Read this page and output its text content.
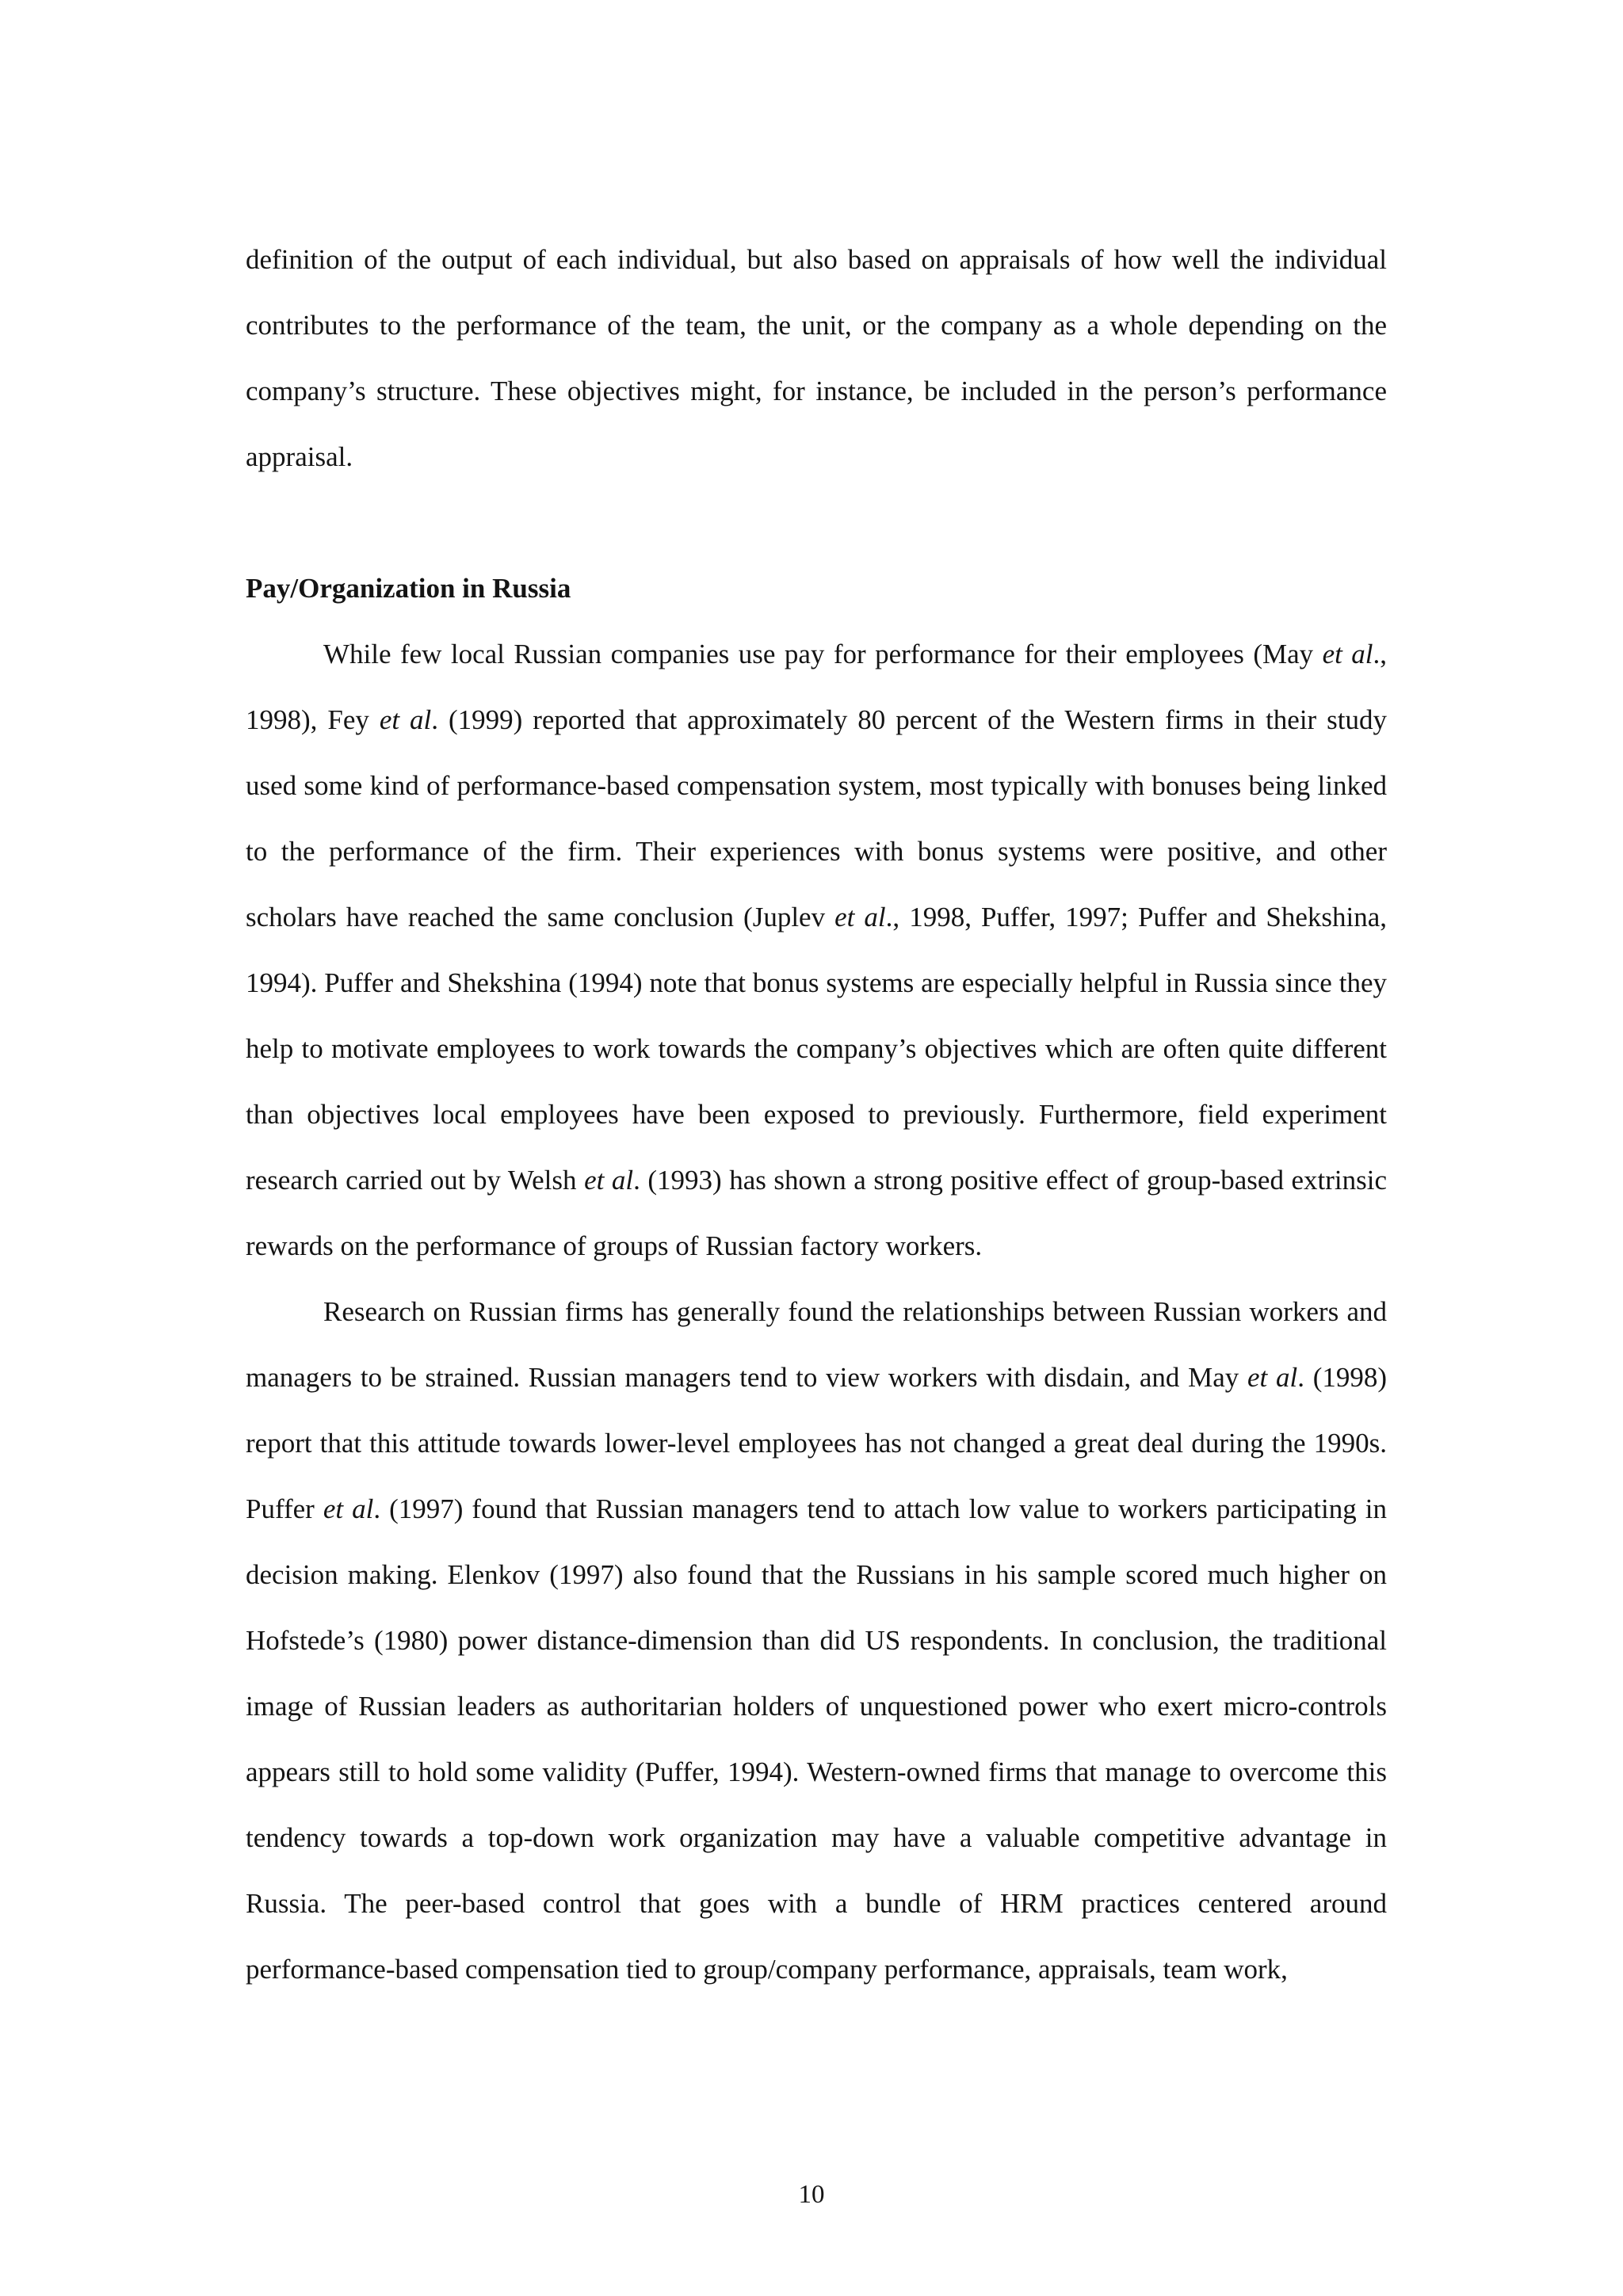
definition of the output of each individual, but also based on appraisals of how well the individual contributes to the performance of the team, the unit, or the company as a whole depending on the company’s structure. These objectives might, for instance, be included in the person’s performance appraisal.

Pay/Organization in Russia

While few local Russian companies use pay for performance for their employees (May et al., 1998), Fey et al. (1999) reported that approximately 80 percent of the Western firms in their study used some kind of performance-based compensation system, most typically with bonuses being linked to the performance of the firm. Their experiences with bonus systems were positive, and other scholars have reached the same conclusion (Juplev et al., 1998, Puffer, 1997; Puffer and Shekshina, 1994). Puffer and Shekshina (1994) note that bonus systems are especially helpful in Russia since they help to motivate employees to work towards the company’s objectives which are often quite different than objectives local employees have been exposed to previously. Furthermore, field experiment research carried out by Welsh et al. (1993) has shown a strong positive effect of group-based extrinsic rewards on the performance of groups of Russian factory workers.

Research on Russian firms has generally found the relationships between Russian workers and managers to be strained. Russian managers tend to view workers with disdain, and May et al. (1998) report that this attitude towards lower-level employees has not changed a great deal during the 1990s. Puffer et al. (1997) found that Russian managers tend to attach low value to workers participating in decision making. Elenkov (1997) also found that the Russians in his sample scored much higher on Hofstede’s (1980) power distance-dimension than did US respondents. In conclusion, the traditional image of Russian leaders as authoritarian holders of unquestioned power who exert micro-controls appears still to hold some validity (Puffer, 1994). Western-owned firms that manage to overcome this tendency towards a top-down work organization may have a valuable competitive advantage in Russia. The peer-based control that goes with a bundle of HRM practices centered around performance-based compensation tied to group/company performance, appraisals, team work,

10
